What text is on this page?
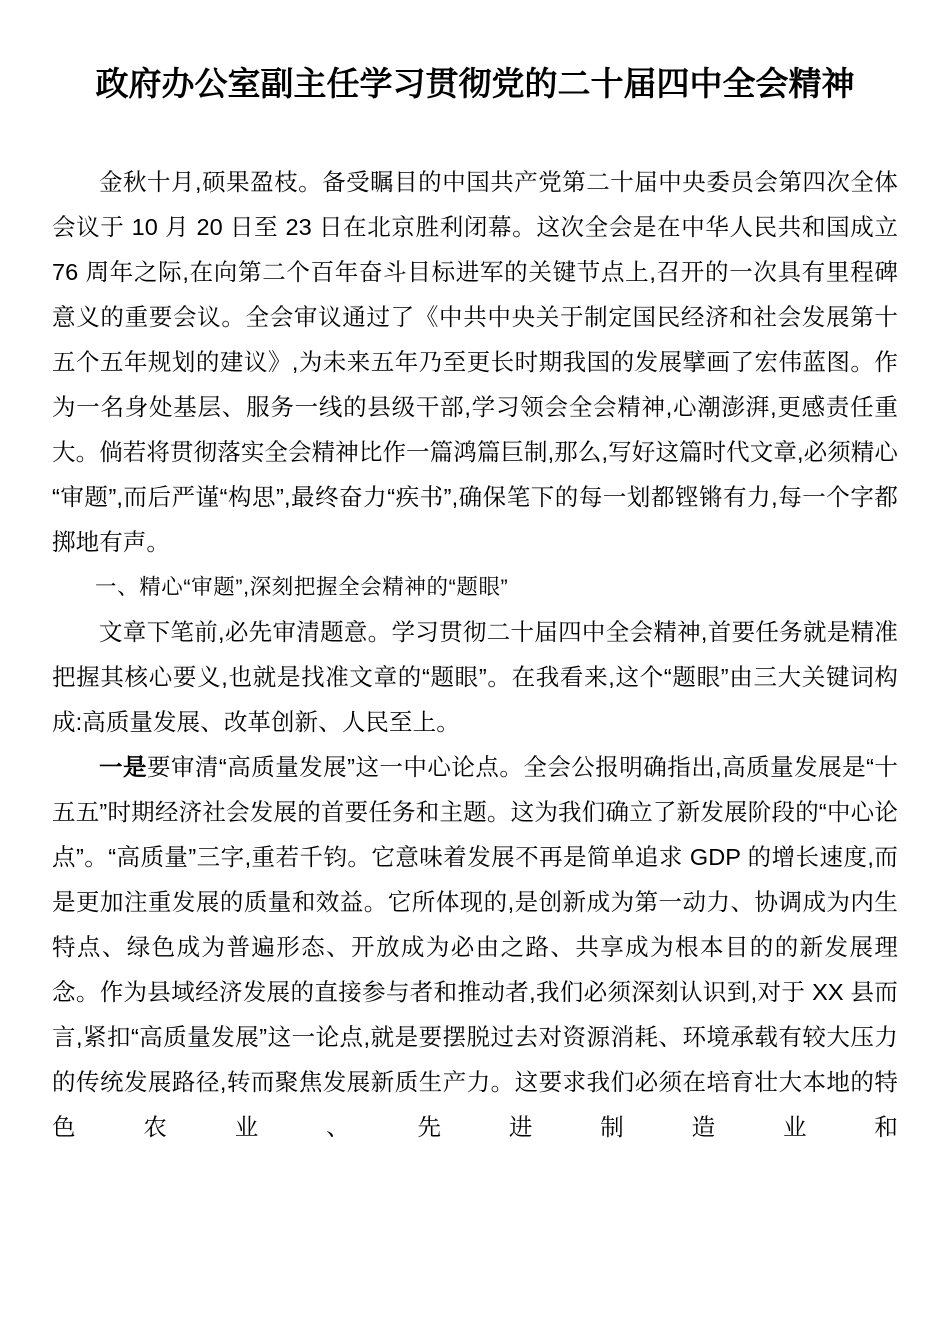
政府办公室副主任学习贯彻党的二十届四中全会精神

金秋十月,硕果盈枝。备受瞩目的中国共产党第二十届中央委员会第四次全体会议于 10 月 20 日至 23 日在北京胜利闭幕。这次全会是在中华人民共和国成立 76 周年之际,在向第二个百年奋斗目标进军的关键节点上,召开的一次具有里程碑意义的重要会议。全会审议通过了《中共中央关于制定国民经济和社会发展第十五个五年规划的建议》,为未来五年乃至更长时期我国的发展擘画了宏伟蓝图。作为一名身处基层、服务一线的县级干部,学习领会全会精神,心潮澎湃,更感责任重大。倘若将贯彻落实全会精神比作一篇鸿篇巨制,那么,写好这篇时代文章,必须精心“审题”,而后严谨“构思”,最终奋力“疾书”,确保笔下的每一划都铿锵有力,每一个字都掷地有声。

一、精心“审题”,深刻把握全会精神的“题眼”

文章下笔前,必先审清题意。学习贯彻二十届四中全会精神,首要任务就是精准把握其核心要义,也就是找准文章的“题眼”。在我看来,这个“题眼”由三大关键词构成:高质量发展、改革创新、人民至上。

一是要审清“高质量发展”这一中心论点。全会公报明确指出,高质量发展是“十五五”时期经济社会发展的首要任务和主题。这为我们确立了新发展阶段的“中心论点”。“高质量”三字,重若千钧。它意味着发展不再是简单追求 GDP 的增长速度,而是更加注重发展的质量和效益。它所体现的,是创新成为第一动力、协调成为内生特点、绿色成为普遍形态、开放成为必由之路、共享成为根本目的的新发展理念。作为县域经济发展的直接参与者和推动者,我们必须深刻认识到,对于 XX 县而言,紧扣“高质量发展”这一论点,就是要摆脱过去对资源消耗、环境承载有较大压力的传统发展路径,转而聚焦发展新质生产力。这要求我们必须在培育壮大本地的特色农业、先进制造业和
